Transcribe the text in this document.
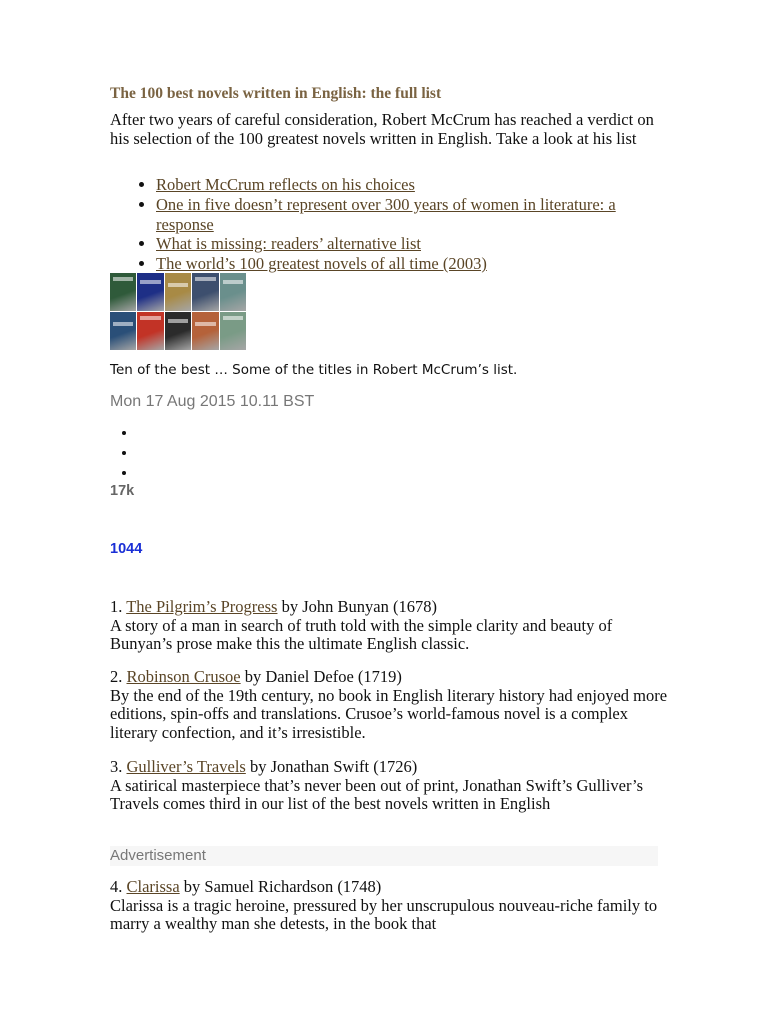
The 100 best novels written in English: the full list

After two years of careful consideration, Robert McCrum has reached a verdict on his selection of the 100 greatest novels written in English. Take a look at his list

• Robert McCrum reflects on his choices
• One in five doesn’t represent over 300 years of women in literature: a response
• What is missing: readers’ alternative list
• The world’s 100 greatest novels of all time (2003)
Ten of the best … Some of the titles in Robert McCrum’s list.
Mon 17 Aug 2015 10.11 BST
•
•
•
17k
1044

1. The Pilgrim’s Progress by John Bunyan (1678)
A story of a man in search of truth told with the simple clarity and beauty of Bunyan’s prose make this the ultimate English classic.

2. Robinson Crusoe by Daniel Defoe (1719)
By the end of the 19th century, no book in English literary history had enjoyed more editions, spin-offs and translations. Crusoe’s world-famous novel is a complex literary confection, and it’s irresistible.

3. Gulliver’s Travels by Jonathan Swift (1726)
A satirical masterpiece that’s never been out of print, Jonathan Swift’s Gulliver’s Travels comes third in our list of the best novels written in English

Advertisement

4. Clarissa by Samuel Richardson (1748)
Clarissa is a tragic heroine, pressured by her unscrupulous nouveau-riche family to marry a wealthy man she detests, in the book that
